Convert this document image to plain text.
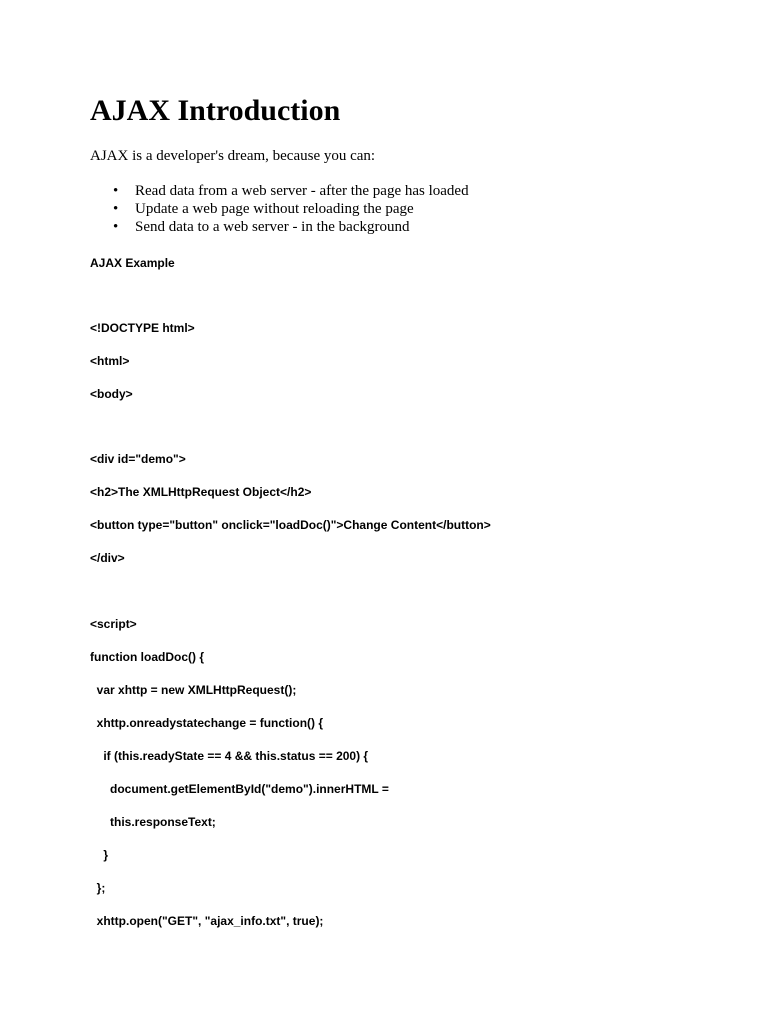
AJAX Introduction

AJAX is a developer's dream, because you can:

• Read data from a web server - after the page has loaded
• Update a web page without reloading the page
• Send data to a web server - in the background
AJAX Example
<!DOCTYPE html>
<html>
<body>
<div id="demo">
<h2>The XMLHttpRequest Object</h2>
<button type="button" onclick="loadDoc()">Change Content</button>
</div>
<script>
function loadDoc() {
var xhttp = new XMLHttpRequest();
xhttp.onreadystatechange = function() {
if (this.readyState == 4 && this.status == 200) {
document.getElementById("demo").innerHTML =
this.responseText;
}
};
xhttp.open("GET", "ajax_info.txt", true);
